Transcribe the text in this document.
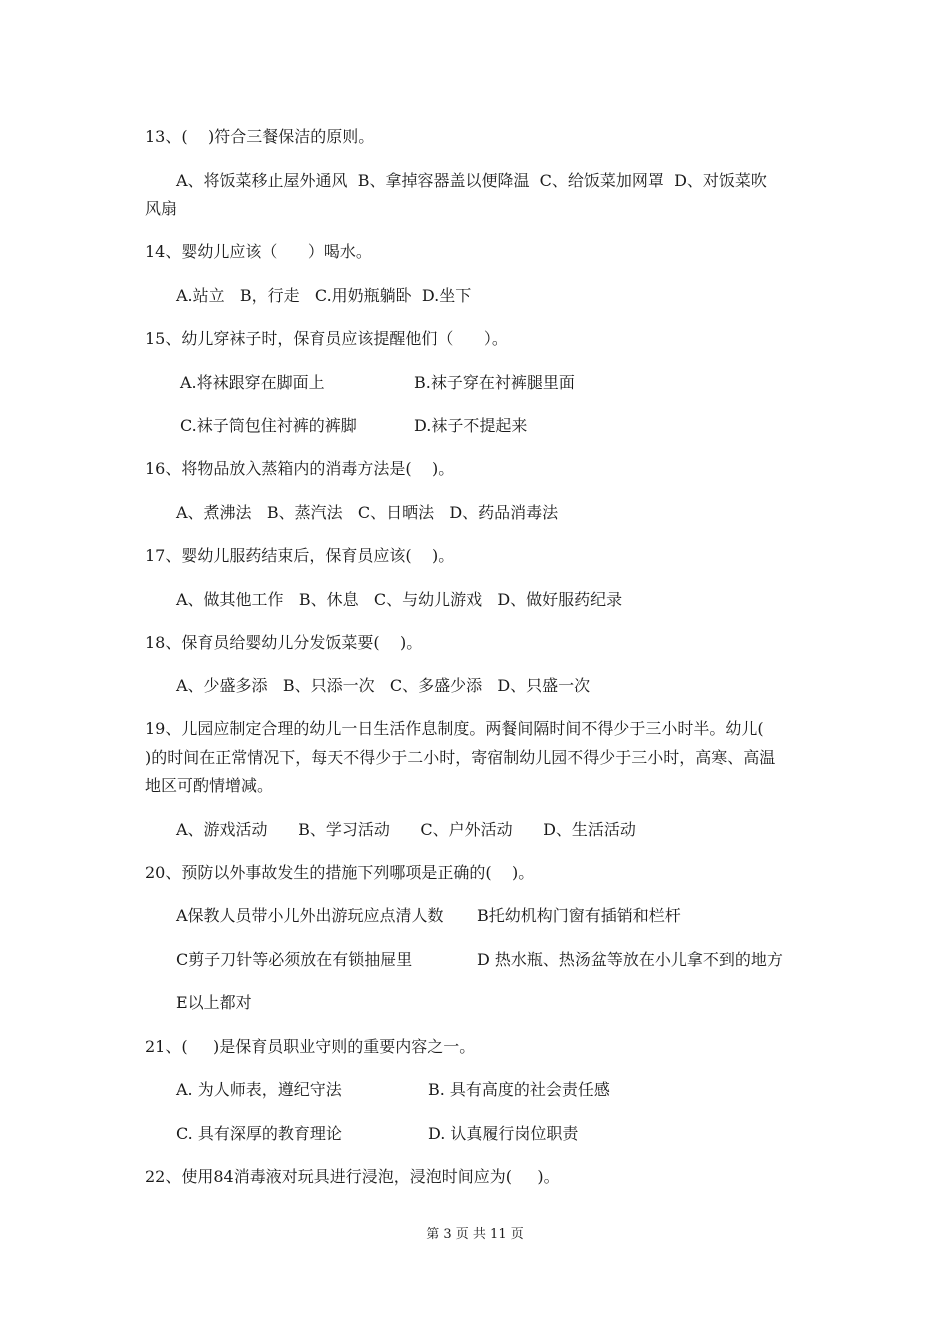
13、(    )符合三餐保洁的原则。
A、将饭菜移止屋外通风  B、拿掉容器盖以便降温  C、给饭菜加网罩  D、对饭菜吹
风扇
14、婴幼儿应该（      ）喝水。
A.站立   B，行走   C.用奶瓶躺卧  D.坐下
15、幼儿穿袜子时，保育员应该提醒他们（      ）。
A.将袜跟穿在脚面上	B.袜子穿在衬裤腿里面
C.袜子筒包住衬裤的裤脚	D.袜子不提起来
16、将物品放入蒸箱内的消毒方法是(    )。
A、煮沸法   B、蒸汽法   C、日晒法   D、药品消毒法
17、婴幼儿服药结束后，保育员应该(    )。
A、做其他工作   B、休息   C、与幼儿游戏   D、做好服药纪录
18、保育员给婴幼儿分发饭菜要(    )。
A、少盛多添   B、只添一次   C、多盛少添   D、只盛一次
19、儿园应制定合理的幼儿一日生活作息制度。两餐间隔时间不得少于三小时半。幼儿(
)的时间在正常情况下，每天不得少于二小时，寄宿制幼儿园不得少于三小时，高寒、高温
地区可酌情增减。
A、游戏活动      B、学习活动      C、户外活动      D、生活活动
20、预防以外事故发生的措施下列哪项是正确的(    )。
A保教人员带小儿外出游玩应点清人数 B托幼机构门窗有插销和栏杆
C剪子刀针等必须放在有锁抽屉里	D 热水瓶、热汤盆等放在小儿拿不到的地方
E以上都对
21、(     )是保育员职业守则的重要内容之一。
A. 为人师表，遵纪守法	B. 具有高度的社会责任感
C. 具有深厚的教育理论	D. 认真履行岗位职责
22、使用84消毒液对玩具进行浸泡，浸泡时间应为(     )。
第 3 页 共 11 页
